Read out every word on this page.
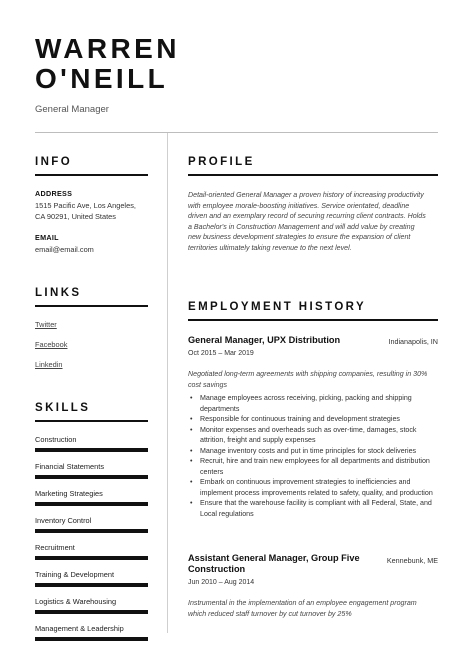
WARREN
O'NEILL
General Manager
INFO
ADDRESS
1515 Pacific Ave, Los Angeles,
CA 90291, United States
EMAIL
email@email.com
LINKS
Twitter
Facebook
Linkedin
SKILLS
Construction
Financial Statements
Marketing Strategies
Inventory Control
Recruitment
Training & Development
Logistics & Warehousing
Management & Leadership
PROFILE
Detail-oriented General Manager a proven history of increasing productivity with employee morale-boosting initiatives. Service orientated, deadline driven and an exemplary record of securing recurring client contracts. Holds a Bachelor's in Construction Management and will add value by creating new business development strategies to ensure the expansion of client territories ultimately taking revenue to the next level.
EMPLOYMENT HISTORY
General Manager, UPX Distribution	Indianapolis, IN
Oct 2015 – Mar 2019
Negotiated long-term agreements with shipping companies, resulting in 30% cost savings
• Manage employees across receiving, picking, packing and shipping departments
• Responsible for continuous training and development strategies
• Monitor expenses and overheads such as over-time, damages, stock attrition, freight and supply expenses
• Manage inventory costs and put in time principles for stock deliveries
• Recruit, hire and train new employees for all departments and distribution centers
• Embark on continuous improvement strategies to inefficiencies and implement process improvements related to safety, quality, and production
• Ensure that the warehouse facility is compliant with all Federal, State, and Local regulations
Assistant General Manager, Group Five
Construction
Kennebunk, ME
Jun 2010 – Aug 2014
Instrumental in the implementation of an employee engagement program which reduced staff turnover by cut turnover by 25%
